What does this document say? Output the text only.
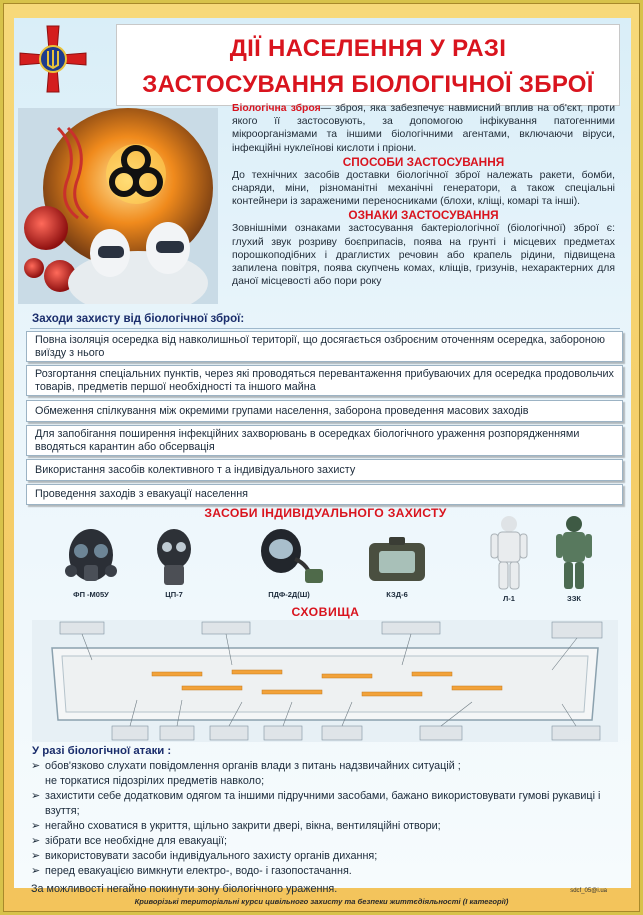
ДІЇ НАСЕЛЕННЯ У РАЗІ
ЗАСТОСУВАННЯ БІОЛОГІЧНОЇ ЗБРОЇ

Біологічна зброя— зброя, яка забезпечує навмисний вплив на об'єкт, проти якого її застосовують, за допомогою інфікування патогенними мікроорганізмами та іншими біологічними агентами, включаючи віруси, інфекційні нуклеїнові кислоти і пріони.

СПОСОБИ ЗАСТОСУВАННЯ

До технічних засобів доставки біологічної зброї належать ракети, бомби, снаряди, міни, різноманітні механічні генератори, а також спеціальні контейнери із зараженими переносниками (блохи, кліщі, комарі та інші).

ОЗНАКИ ЗАСТОСУВАННЯ

Зовнішніми ознаками застосування бактеріологічної (біологічної) зброї є: глухий звук розриву боєприпасів, поява на грунті і місцевих предметах порошкоподібних і драглистих речовин або крапель рідини, підвищена запилена повітря, поява скупчень комах, кліщів, гризунів, нехарактерних для даної місцевості або пори року

Заходи захисту від біологічної зброї:
Повна ізоляція осередка від навколишньої території, що досягається озброєним оточенням осередка, забороною виїзду з нього
Розгортання спеціальних пунктів, через які проводяться перевантаження прибуваючих для осередка продовольчих товарів, предметів першої необхідності та іншого майна
Обмеження спілкування між окремими групами населення, заборона проведення масових заходів
Для запобігання поширення інфекційних захворювань в осередках біологічного ураження розпорядженнями вводяться карантин або обсервація
Використання засобів колективного т а індивідуального захисту
Проведення заходів з евакуації населення
ЗАСОБИ ІНДИВІДУАЛЬНОГО ЗАХИСТУ
ФП -М05У	ЦП-7	ПДФ-2Д(Ш)	КЗД-6	Л-1	ЗЗК
СХОВИЩА
У разі біологічної атаки :
➢ обов'язково слухати повідомлення органів влади з питань надзвичайних ситуацій ;
не торкатися підозрілих предметів навколо;
➢ захистити себе додатковим одягом та іншими підручними засобами, бажано використовувати гумові рукавиці і взуття;
➢ негайно сховатися в укриття, щільно закрити двері, вікна, вентиляційні отвори;
➢ зібрати все необхідне для евакуації;
➢ використовувати засоби індивідуального захисту органів дихання;
➢ перед евакуацією вимкнути електро-, водо- і газопостачання.
За можливості негайно покинути зону біологічного ураження.	sdcf_05@i.ua
Криворізькі територіальні курси цивільного захисту та безпеки життєдіяльності (І категорії)
